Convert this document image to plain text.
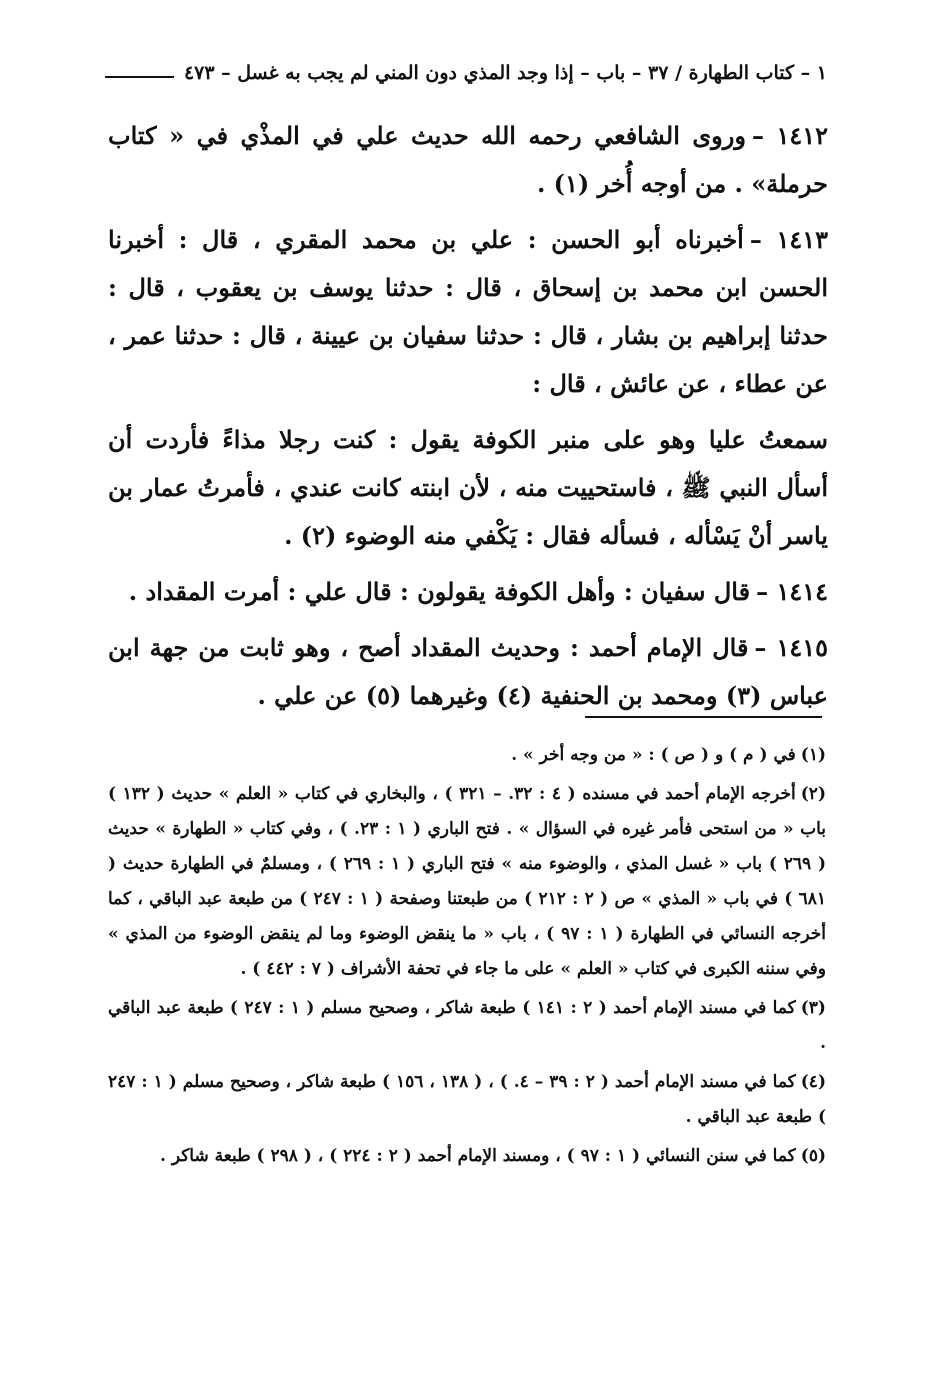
١ – كتاب الطهارة / ٣٧ – باب – إذا وجد المذي دون المني لم يجب به غسل – ٤٧٣

١٤١٢ –وروى الشافعي رحمه الله حديث علي في المذْي في « كتاب حرملة» . من أوجه أُخر (١) .

١٤١٣ –أخبرناه أبو الحسن : علي بن محمد المقري ، قال : أخبرنا الحسن ابن محمد بن إسحاق ، قال : حدثنا يوسف بن يعقوب ، قال : حدثنا إبراهيم بن بشار ، قال : حدثنا سفيان بن عيينة ، قال : حدثنا عمر ، عن عطاء ، عن عائش ، قال :

سمعتُ عليا وهو على منبر الكوفة يقول : كنت رجلا مذاءً فأردت أن أسأل النبي ﷺ ، فاستحييت منه ، لأن ابنته كانت عندي ، فأمرتُ عمار بن ياسر أنْ يَسْأله ، فسأله فقال : يَكْفي منه الوضوء (٢) .

١٤١٤ –قال سفيان : وأهل الكوفة يقولون : قال علي : أمرت المقداد .

١٤١٥ –قال الإمام أحمد : وحديث المقداد أصح ، وهو ثابت من جهة ابن عباس (٣) ومحمد بن الحنفية (٤) وغيرهما (٥) عن علي .

(١)في ( م ) و ( ص ) : « من وجه أخر » .

(٢)أخرجه الإمام أحمد في مسنده ( ٤ : ٣٢. – ٣٢١ ) ، والبخاري في كتاب « العلم » حديث ( ١٣٢ ) باب « من استحى فأمر غيره في السؤال » . فتح الباري ( ١ : ٢٣. ) ، وفي كتاب « الطهارة » حديث ( ٢٦٩ ) باب « غسل المذي ، والوضوء منه » فتح الباري ( ١ : ٢٦٩ ) ، ومسلمٌ في الطهارة حديث ( ٦٨١ ) في باب « المذي » ص ( ٢ : ٢١٢ ) من طبعتنا وصفحة ( ١ : ٢٤٧ ) من طبعة عبد الباقي ، كما أخرجه النسائي في الطهارة ( ١ : ٩٧ ) ، باب « ما ينقض الوضوء وما لم ينقض الوضوء من المذي » وفي سننه الكبرى في كتاب « العلم » على ما جاء في تحفة الأشراف ( ٧ : ٤٤٢ ) .

(٣)كما في مسند الإمام أحمد ( ٢ : ١٤١ ) طبعة شاكر ، وصحيح مسلم ( ١ : ٢٤٧ ) طبعة عبد الباقي .

(٤)كما في مسند الإمام أحمد ( ٢ : ٣٩ – ٤. ) ، ( ١٣٨ ، ١٥٦ ) طبعة شاكر ، وصحيح مسلم ( ١ : ٢٤٧ ) طبعة عبد الباقي .

(٥)كما في سنن النسائي ( ١ : ٩٧ ) ، ومسند الإمام أحمد ( ٢ : ٢٢٤ ) ، ( ٢٩٨ ) طبعة شاكر .
